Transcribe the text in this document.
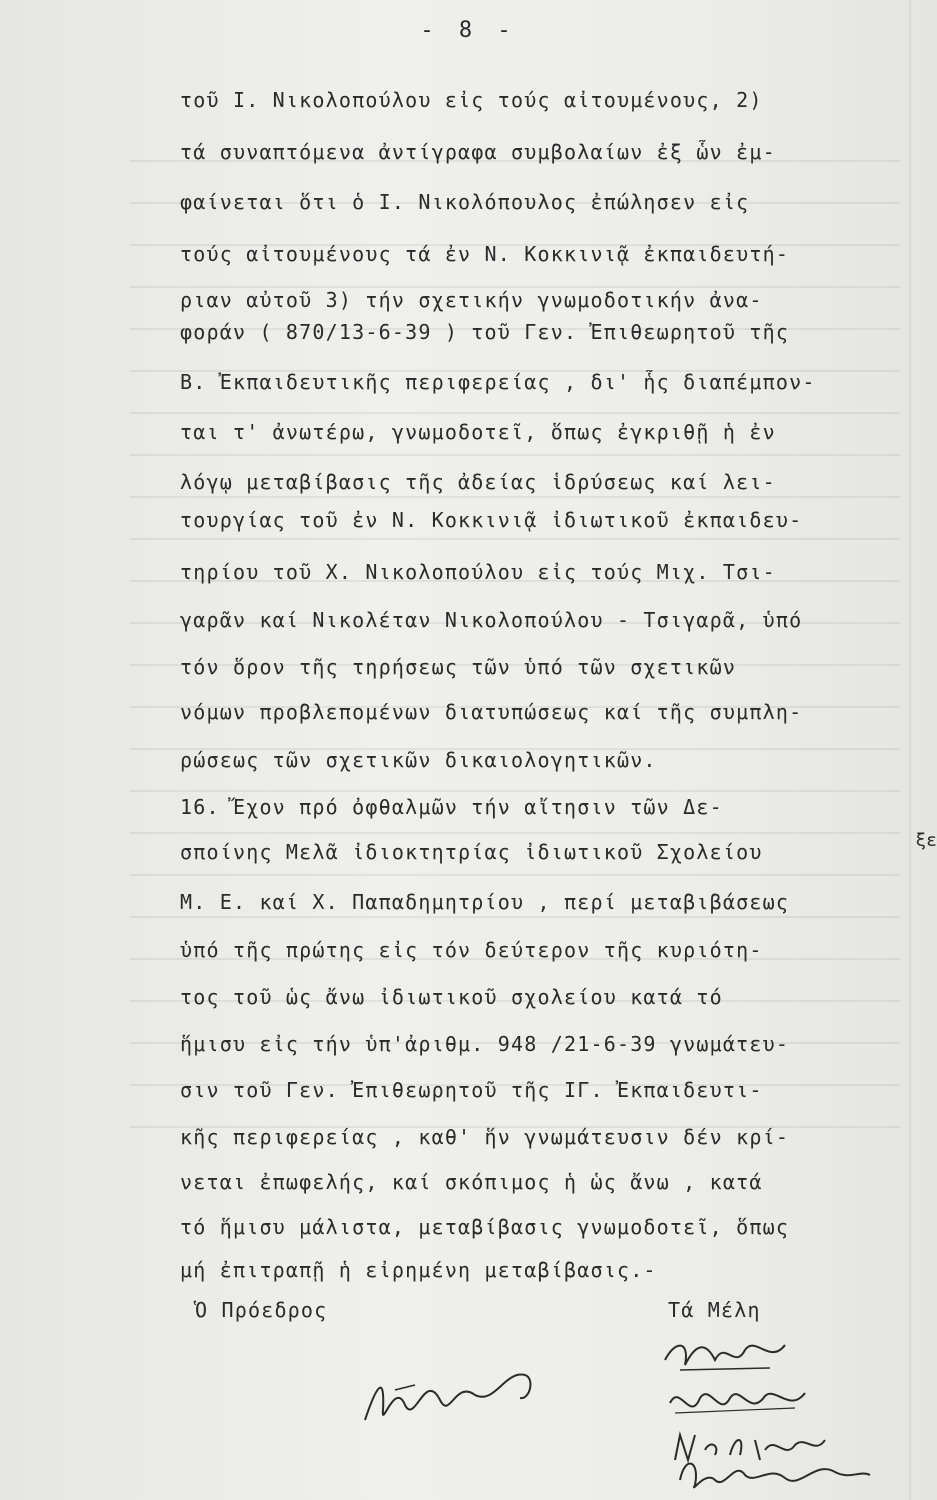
- 8 -
τοῦ Ι. Νικολοπούλου εἰς τούς αἰτουμένους, 2)
τά συναπτόμενα ἀντίγραφα συμβολαίων ἐξ ὧν ἐμ-
φαίνεται ὅτι ὁ Ι. Νικολόπουλος ἐπώλησεν εἰς
τούς αἰτουμένους τά ἐν Ν. Κοκκινιᾷ ἐκπαιδευτή-
ριαν αὐτοῦ 3) τήν σχετικήν γνωμοδοτικήν ἀνα-
φοράν ( 870/13-6-39 ) τοῦ Γεν. Ἐπιθεωρητοῦ τῆς
Β. Ἐκπαιδευτικῆς περιφερείας , δι' ἧς διαπέμπον-
ται τ' ἀνωτέρω, γνωμοδοτεῖ, ὅπως ἐγκριθῇ ἡ ἐν
λόγῳ μεταβίβασις τῆς ἀδείας ἱδρύσεως καί λει-
τουργίας τοῦ ἐν Ν. Κοκκινιᾷ ἰδιωτικοῦ ἐκπαιδευ-
τηρίου τοῦ Χ. Νικολοπούλου εἰς τούς Μιχ. Τσι-
γαρᾶν καί Νικολέταν Νικολοπούλου - Τσιγαρᾶ, ὑπό
τόν ὅρον τῆς τηρήσεως τῶν ὑπό τῶν σχετικῶν
νόμων προβλεπομένων διατυπώσεως καί τῆς συμπλη-
ρώσεως τῶν σχετικῶν δικαιολογητικῶν.
16. Ἔχον πρό ὀφθαλμῶν τήν αἴτησιν τῶν Δε-
σποίνης Μελᾶ ἰδιοκτητρίας ἰδιωτικοῦ Σχολείου
Μ. Ε. καί Χ. Παπαδημητρίου , περί μεταβιβάσεως
ὑπό τῆς πρώτης εἰς τόν δεύτερον τῆς κυριότη-
τος τοῦ ὡς ἄνω ἰδιωτικοῦ σχολείου κατά τό
ἥμισυ εἰς τήν ὑπ'ἀριθμ. 948 /21-6-39 γνωμάτευ-
σιν τοῦ Γεν. Ἐπιθεωρητοῦ τῆς ΙΓ. Ἐκπαιδευτι-
κῆς περιφερείας , καθ' ἥν γνωμάτευσιν δέν κρί-
νεται ἐπωφελής, καί σκόπιμος ἡ ὡς ἄνω , κατά
τό ἥμισυ μάλιστα, μεταβίβασις γνωμοδοτεῖ, ὅπως
μή ἐπιτραπῇ ἡ εἰρημένη μεταβίβασις.-
Ὁ Πρόεδρος	Τά Μέλη
ξε
